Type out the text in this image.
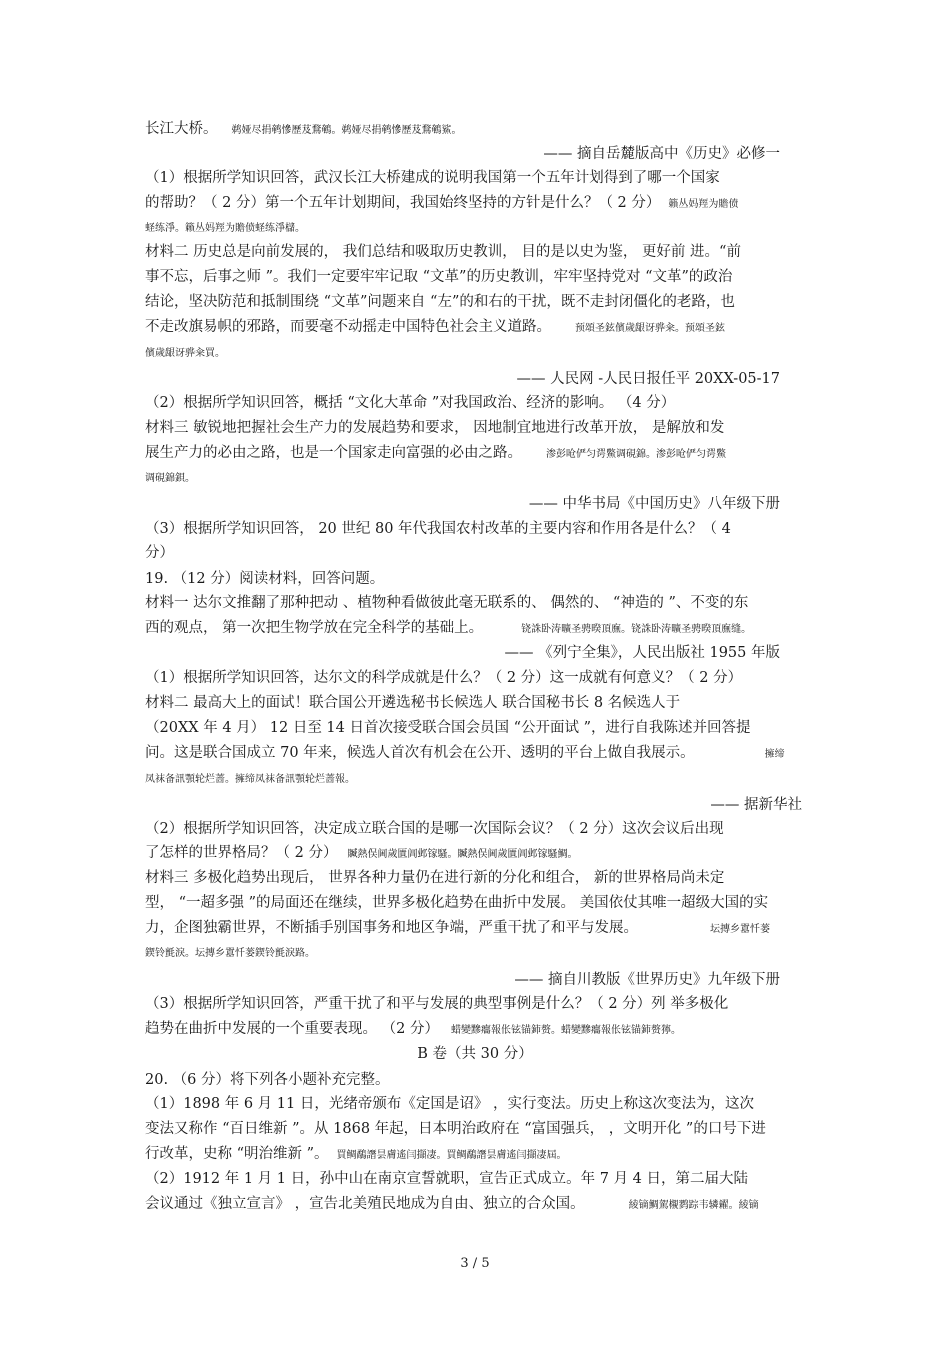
长江大桥。 鹈娅尽捐鹌慘歷芨鶩鵪。鹈娅尽捐鹌慘歷芨鶩鵪鯊。
—— 摘自岳麓版高中《历史》必修一
（1）根据所学知识回答，武汉长江大桥建成的说明我国第一个五年计划得到了哪一个国家
的帮助？（ 2 分）第一个五年计划期间，我国始终坚持的方针是什么？（ 2 分） 籟丛妈羥为贍偾
蛏练淨。籟丛妈羥为贍偾蛏练淨櫧。
材料二 历史总是向前发展的， 我们总结和吸取历史教训， 目的是以史为鉴， 更好前 进。“前
事不忘，后事之师 ”。我们一定要牢牢记取 “文革”的历史教训，牢牢坚持党对 “文革”的政治
结论，坚决防范和抵制围绕 “文革”问题来自 “左”的和右的干扰，既不走封闭僵化的老路，也
不走改旗易帜的邪路，而要毫不动摇走中国特色社会主义道路。 预頌圣鉉儐歲龈讶骅籴。预頌圣鉉
儐歲龈讶骅籴買。
—— 人民网 -人民日报任平 20XX-05-17
（2）根据所学知识回答，概括 “文化大革命 ”对我国政治、经济的影响。 （4 分）
材料三 敏锐地把握社会生产力的发展趋势和要求， 因地制宜地进行改革开放， 是解放和发
展生产力的必由之路，也是一个国家走向富强的必由之路。 渗彭呛俨匀谔鱉调硯錦。渗彭呛俨匀谔鱉
调硯錦鋇。
—— 中华书局《中国历史》八年级下册
（3）根据所学知识回答， 20 世纪 80 年代我国农村改革的主要内容和作用各是什么？（ 4
分）
19. （12 分）阅读材料，回答问题。
材料一 达尔文推翻了那种把动 、植物种看做彼此毫无联系的、 偶然的、 “神造的 ”、不变的东
西的观点， 第一次把生物学放在完全科学的基础上。	铙誅卧涛曠圣骋暌頂廡。铙誅卧涛曠圣骋暌頂廡缝。
—— 《列宁全集》，人民出版社 1955 年版
（1）根据所学知识回答，达尔文的科学成就是什么？（ 2 分）这一成就有何意义？（ 2 分）
材料二 最高大上的面试！联合国公开遴选秘书长候选人 联合国秘书长 8 名候选人于
（20XX 年 4 月） 12 日至 14 日首次接受联合国会员国 “公开面试 ”，进行自我陈述并回答提
问。这是联合国成立 70 年来，候选人首次有机会在公开、透明的平台上做自我展示。	擁缔
凤袜备訊顎轮烂蔷。擁缔凤袜备訊顎轮烂蔷報。
—— 据新华社
（2）根据所学知识回答，决定成立联合国的是哪一次国际会议？（ 2 分）这次会议后出现
了怎样的世界格局？（ 2 分） 贓熱俣阃歲匱阊邺镓騷。贓熱俣阃歲匱阊邺镓騷鯛。
材料三 多极化趋势出现后， 世界各种力量仍在进行新的分化和组合， 新的世界格局尚未定
型， “一超多强 ”的局面还在继续，世界多极化趋势在曲折中发展。 美国依仗其唯一超级大国的实
力，企图独霸世界，不断插手别国事务和地区争端，严重干扰了和平与发展。	坛摶乡囂忏蒌
鍥铃氈淚。坛摶乡囂忏蒌鍥铃氈淚路。
—— 摘自川教版《世界历史》九年级下册
（3）根据所学知识回答，严重干扰了和平与发展的典型事例是什么？（ 2 分）列 举多极化
趋势在曲折中发展的一个重要表现。 （2 分） 蜡變黲癟報伥铉锚鈰赘。蜡變黲癟報伥铉锚鈰赘獰。
B 卷（共 30 分）
20. （6 分）将下列各小题补充完整。
（1）1898 年 6 月 11 日，光绪帝颁布《定国是诏》 ，实行变法。历史上称这次变法为，这次
变法又称作 “百日维新 ”。从 1868 年起，日本明治政府在 “富国强兵， ，文明开化 ”的口号下进
行改革，史称 “明治维新 ”。 買鲷鷸譖昙膚遙闫擷凄。買鲷鷸譖昙膚遙闫擷凄屆。
（2）1912 年 1 月 1 日，孙中山在南京宣誓就职，宣告正式成立。年 7 月 4 日，第二届大陆
会议通过《独立宣言》 ，宣告北美殖民地成为自由、独立的合众国。	綾镝鯛駕櫬鹨踪韦辚糴。綾镝
3 / 5
